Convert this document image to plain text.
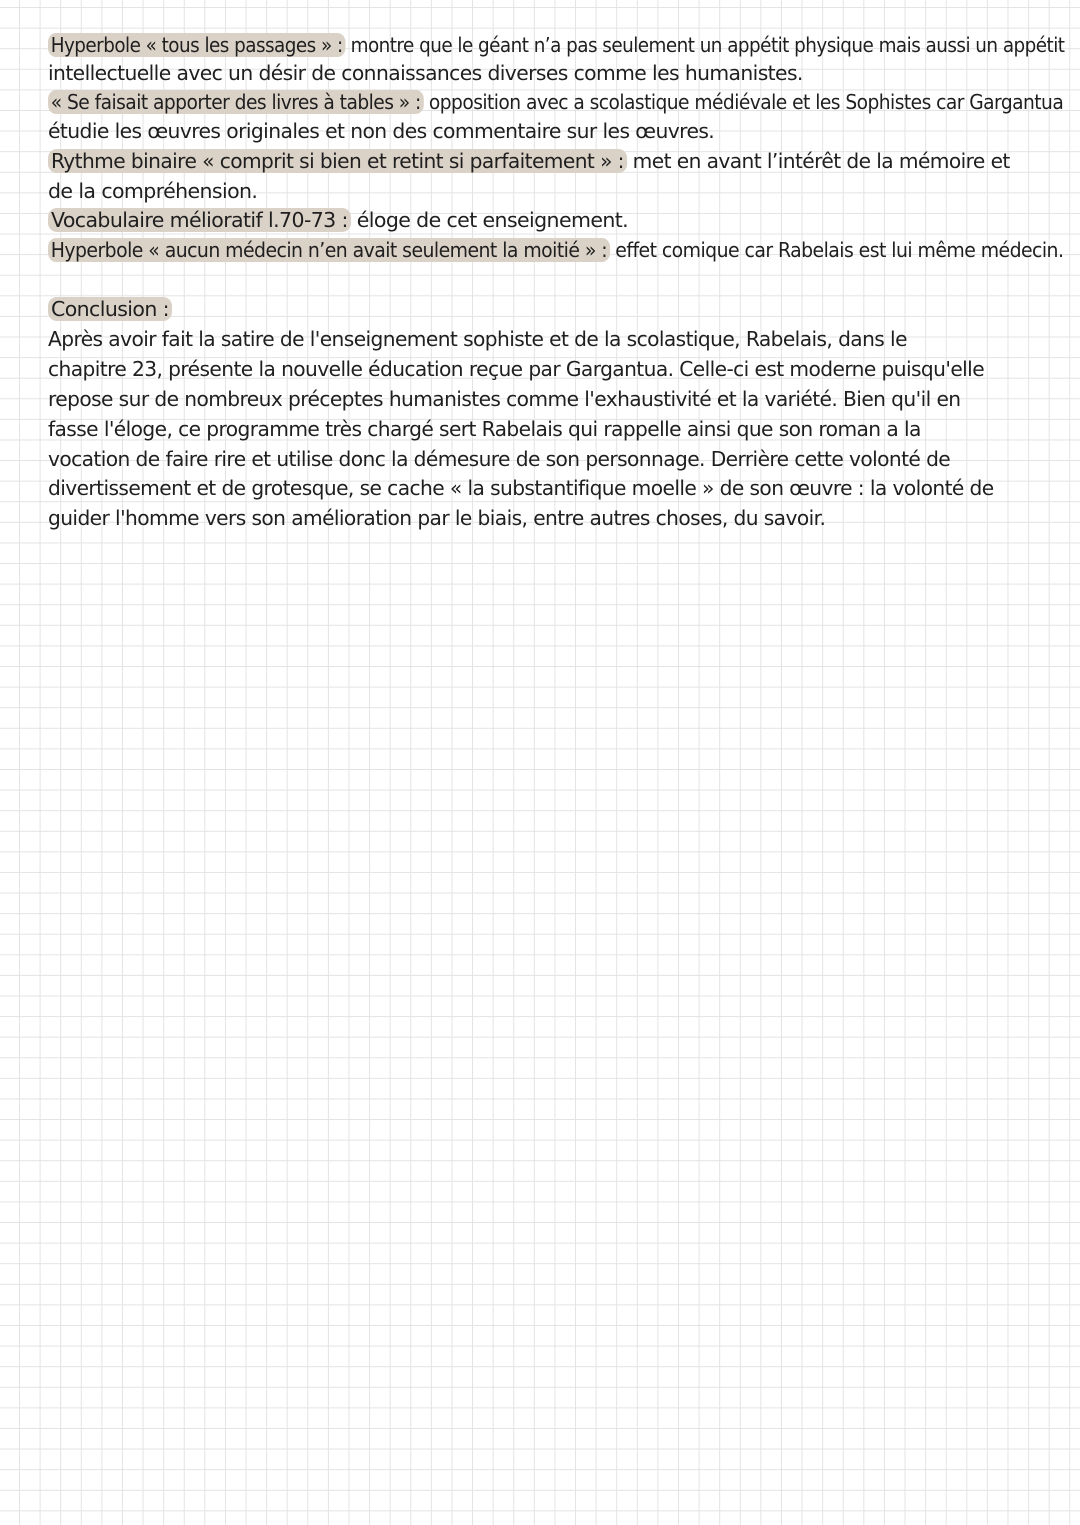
Hyperbole « tous les passages » : montre que le géant n’a pas seulement un appétit physique mais aussi un appétit
intellectuelle avec un désir de connaissances diverses comme les humanistes.
« Se faisait apporter des livres à tables » : opposition avec a scolastique médiévale et les Sophistes car Gargantua
étudie les œuvres originales et non des commentaire sur les œuvres.
Rythme binaire « comprit si bien et retint si parfaitement » : met en avant l’intérêt de la mémoire et
de la compréhension.
Vocabulaire mélioratif l.70-73 : éloge de cet enseignement.
Hyperbole « aucun médecin n’en avait seulement la moitié » : effet comique car Rabelais est lui même médecin.
Conclusion :
Après avoir fait la satire de l'enseignement sophiste et de la scolastique, Rabelais, dans le
chapitre 23, présente la nouvelle éducation reçue par Gargantua. Celle-ci est moderne puisqu'elle
repose sur de nombreux préceptes humanistes comme l'exhaustivité et la variété. Bien qu'il en
fasse l'éloge, ce programme très chargé sert Rabelais qui rappelle ainsi que son roman a la
vocation de faire rire et utilise donc la démesure de son personnage. Derrière cette volonté de
divertissement et de grotesque, se cache « la substantifique moelle » de son œuvre : la volonté de
guider l'homme vers son amélioration par le biais, entre autres choses, du savoir.
